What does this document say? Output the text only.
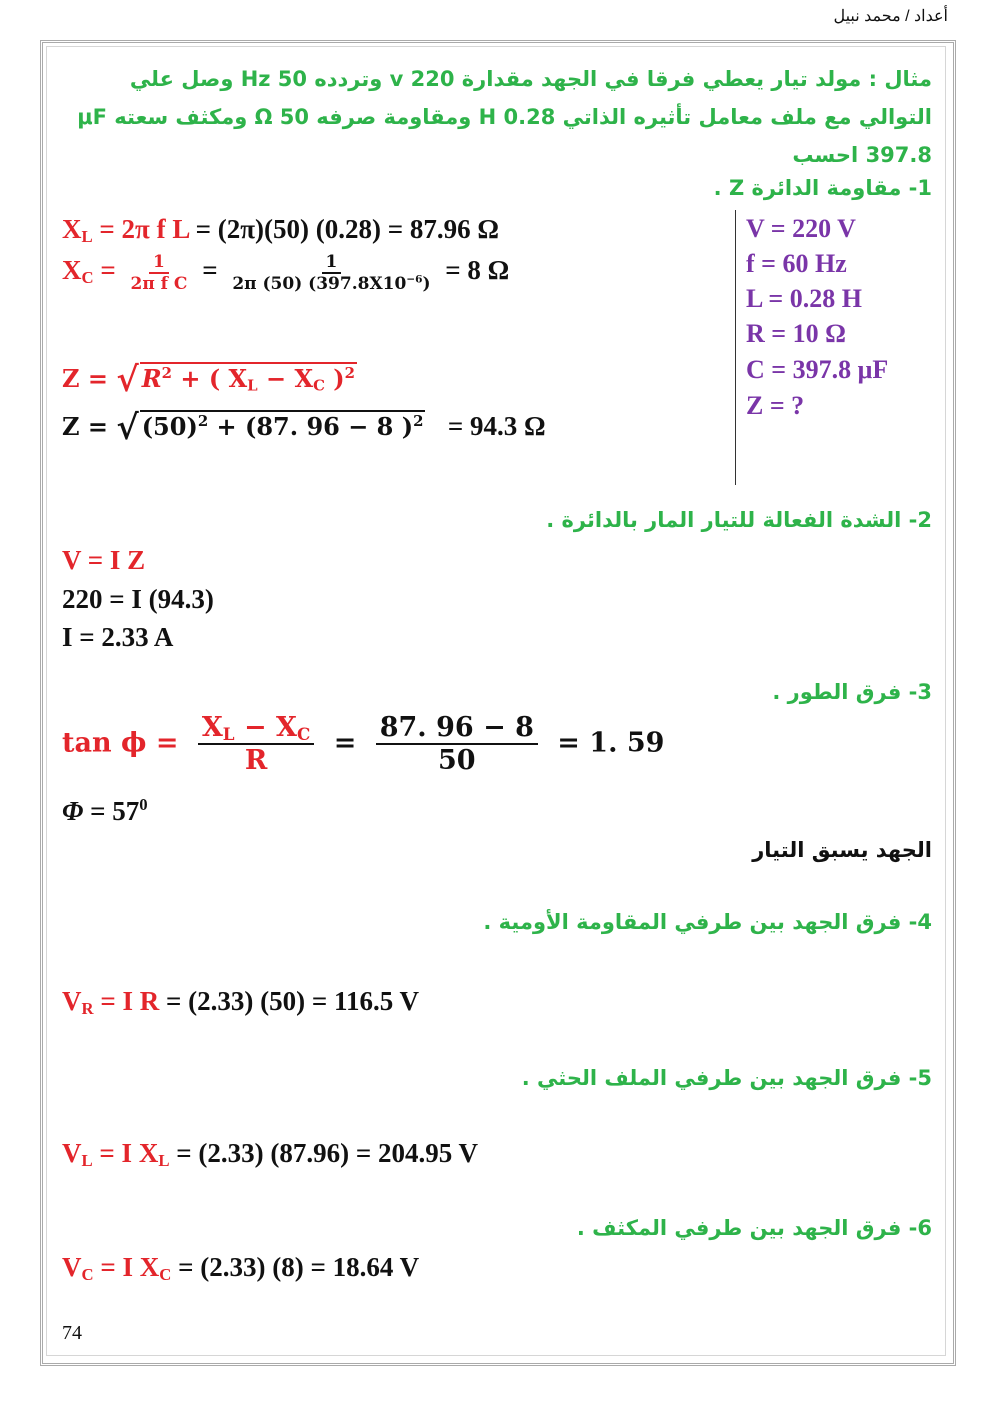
أعداد / محمد نبيل
مثال : مولد تيار يعطي فرقا في الجهد مقدارة v 220 وتردده Hz 50 وصل علي التوالي مع ملف معامل تأثيره الذاتي H 0.28 ومقاومة صرفه Ω 50 ومكثف سعته μF 397.8 احسب
1- مقاومة الدائرة Z .
$X_L = 2\pi$ f L = (2π)(50) (0.28) = 87.96 Ω
$X_C = \frac{1}{\text{2π f C}} = \frac{1}{2\pi (50) (397.8X10^{-6})} = 8$ Ω
Z = √ $R^2$ + ( $X_L - X_C$ )$^2$
Z = √ $(50)^2 + (87$. 96 − 8 )$^2$ = 94.3 Ω
V = 220 V
f = 60 Hz
L = 0.28 H
R = 10 Ω
C = 397.8 μF
Z = ?
2- الشدة الفعالة للتيار المار بالدائرة .
V = I Z
220 = I (94.3)
I = 2.33 A
3- فرق الطور .
$\tan \phi = \frac{X_L - X_C}{R} = \frac{87. 96 - 8}{50} = 1$. 59
$\Phi = 57^0$
الجهد يسبق التيار
4- فرق الجهد بين طرفي المقاومة الأومية .
$V_R = I$ R = (2.33) (50) = 116.5 V
5- فرق الجهد بين طرفي الملف الحثي .
$V_L = I$ $X_L = (2.33) (87.96) = 204.95$ V
6- فرق الجهد بين طرفي المكثف .
$V_C = I$ $X_C = (2.33) (8) = 18.64$ V
74
